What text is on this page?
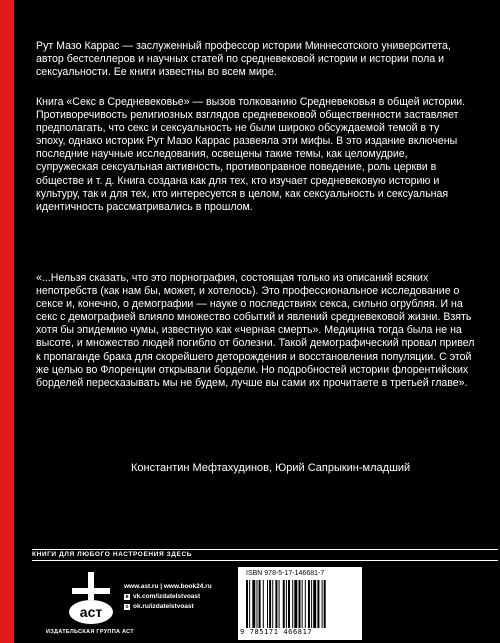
Рут Мазо Каррас — заслуженный профессор истории Миннесотского университета, автор бестселлеров и научных статей по средневековой истории и истории пола и сексуальности. Ее книги известны во всем мире.

Книга «Секс в Средневековье» — вызов толкованию Средневековья в общей истории. Противоречивость религиозных взглядов средневековой общественности заставляет предполагать, что секс и сексуальность не были широко обсуждаемой темой в ту эпоху, однако историк Рут Мазо Каррас развеяла эти мифы. В это издание включены последние научные исследования, освещены такие темы, как целомудрие, супружеская сексуальная активность, противоправное поведение, роль церкви в обществе и т. д. Книга создана как для тех, кто изучает средневековую историю и культуру, так и для тех, кто интересуется в целом, как сексуальность и сексуальная идентичность рассматривались в прошлом.

«...Нельзя сказать, что это порнография, состоящая только из описаний всяких непотребств (как нам бы, может, и хотелось). Это профессиональное исследование о сексе и, конечно, о демографии — науке о последствиях секса, сильно огрубляя. И на секс с демографией влияло множество событий и явлений средневековой жизни. Взять хотя бы эпидемию чумы, известную как «черная смерть». Медицина тогда была не на высоте, и множество людей погибло от болезни. Такой демографический провал привел к пропаганде брака для скорейшего деторождения и восстановления популяции. С этой же целью во Флоренции открывали бордели. Но подробностей истории флорентийских борделей пересказывать мы не будем, лучше вы сами их прочитаете в третьей главе».

Константин Мефтахудинов, Юрий Сапрыкин-младший

КНИГИ ДЛЯ ЛЮБОГО НАСТРОЕНИЯ ЗДЕСЬ
аст
ИЗДАТЕЛЬСКАЯ ГРУППА АСТ
www.ast.ru | www.book24.ru
в vk.com/izdatelstvoast
о ok.ru/izdatelstvoast
ISBN 978-5-17-146681-7
9 785171 466817
